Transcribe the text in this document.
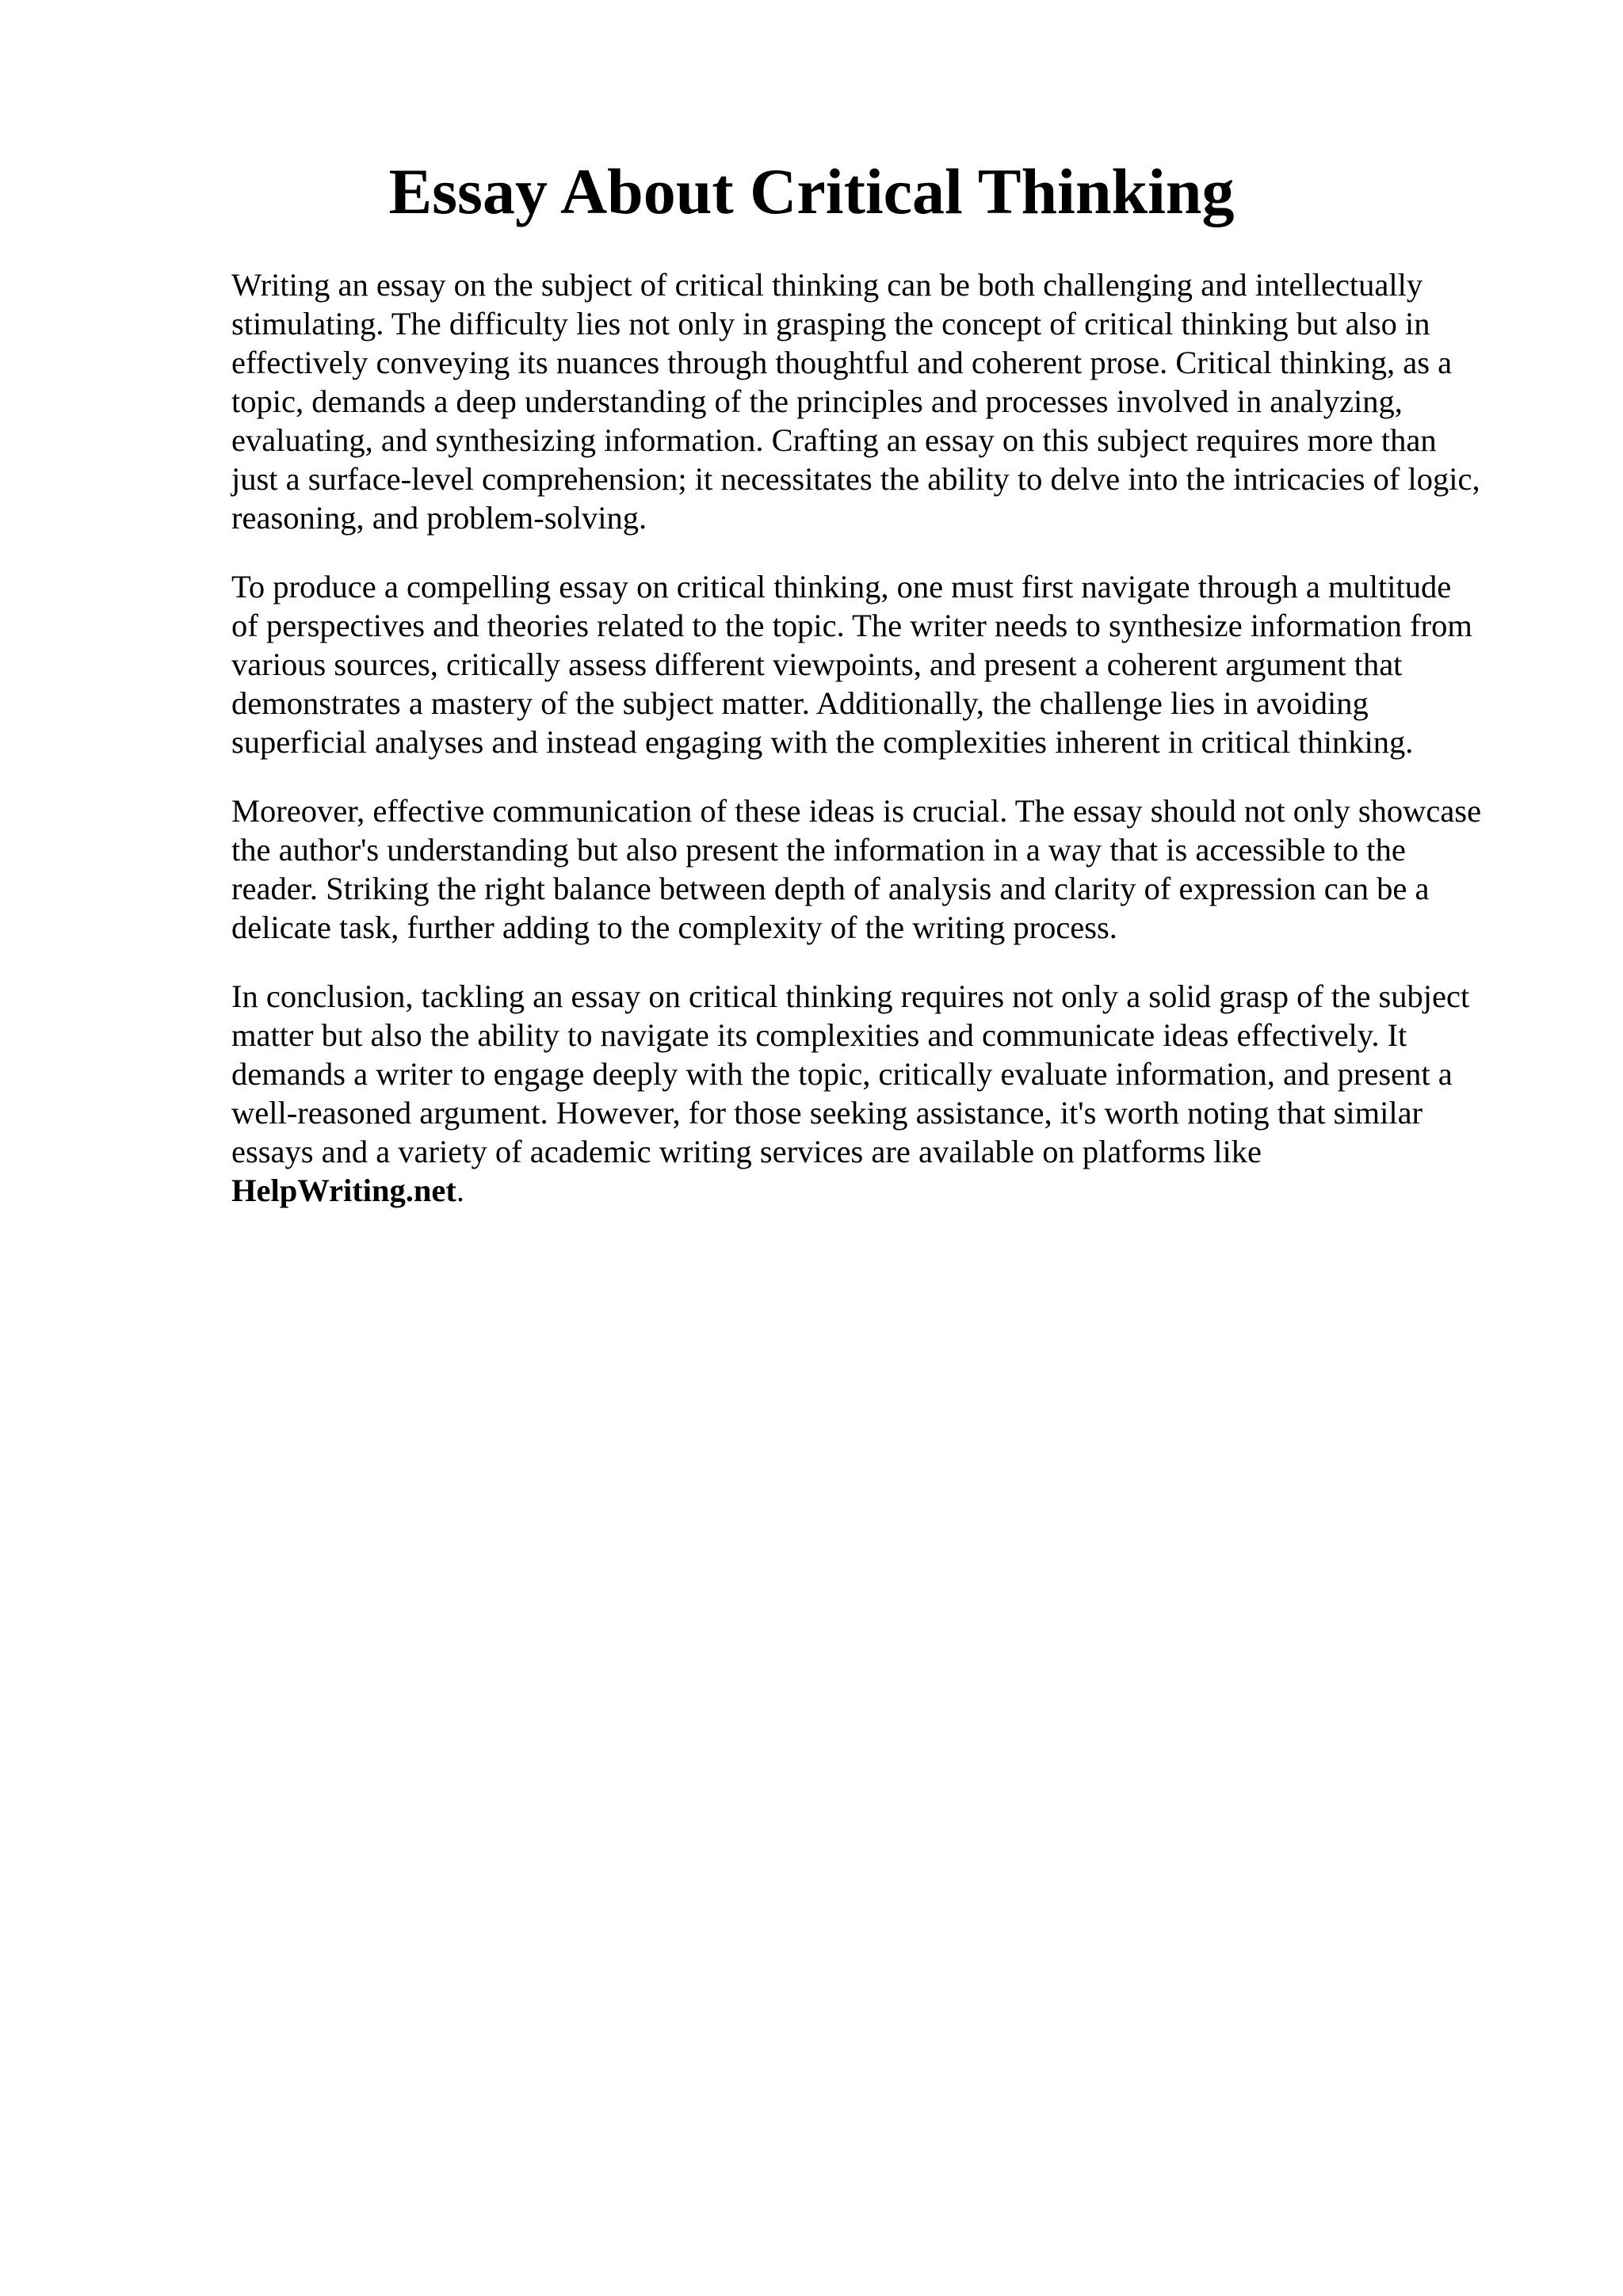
Essay About Critical Thinking

Writing an essay on the subject of critical thinking can be both challenging and intellectually
stimulating. The difficulty lies not only in grasping the concept of critical thinking but also in
effectively conveying its nuances through thoughtful and coherent prose. Critical thinking, as a
topic, demands a deep understanding of the principles and processes involved in analyzing,
evaluating, and synthesizing information. Crafting an essay on this subject requires more than
just a surface-level comprehension; it necessitates the ability to delve into the intricacies of logic,
reasoning, and problem-solving.

To produce a compelling essay on critical thinking, one must first navigate through a multitude
of perspectives and theories related to the topic. The writer needs to synthesize information from
various sources, critically assess different viewpoints, and present a coherent argument that
demonstrates a mastery of the subject matter. Additionally, the challenge lies in avoiding
superficial analyses and instead engaging with the complexities inherent in critical thinking.

Moreover, effective communication of these ideas is crucial. The essay should not only showcase
the author's understanding but also present the information in a way that is accessible to the
reader. Striking the right balance between depth of analysis and clarity of expression can be a
delicate task, further adding to the complexity of the writing process.

In conclusion, tackling an essay on critical thinking requires not only a solid grasp of the subject
matter but also the ability to navigate its complexities and communicate ideas effectively. It
demands a writer to engage deeply with the topic, critically evaluate information, and present a
well-reasoned argument. However, for those seeking assistance, it's worth noting that similar
essays and a variety of academic writing services are available on platforms like
HelpWriting.net.
